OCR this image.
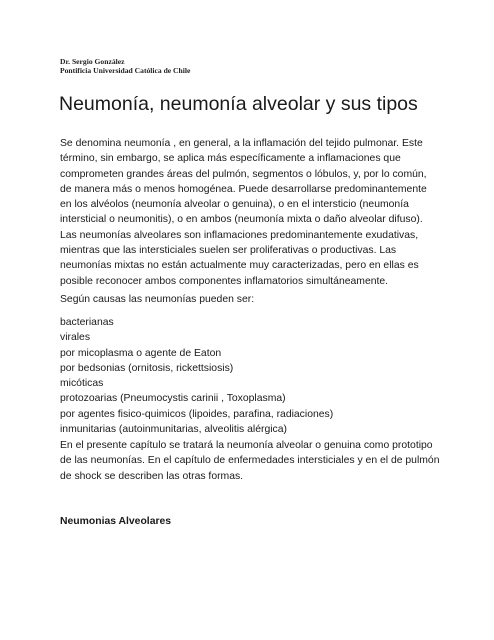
Dr. Sergio González
Pontificia Universidad Católica de Chile
Neumonía, neumonía alveolar y sus tipos
Se denomina neumonía , en general, a la inflamación del tejido pulmonar. Este
término, sin embargo, se aplica más específicamente a inflamaciones que
comprometen grandes áreas del pulmón, segmentos o lóbulos, y, por lo común,
de manera más o menos homogénea. Puede desarrollarse predominantemente
en los alvéolos (neumonía alveolar o genuina), o en el intersticio (neumonía
intersticial o neumonitis), o en ambos (neumonía mixta o daño alveolar difuso).
Las neumonías alveolares son inflamaciones predominantemente exudativas,
mientras que las intersticiales suelen ser proliferativas o productivas. Las
neumonías mixtas no están actualmente muy caracterizadas, pero en ellas es
posible reconocer ambos componentes inflamatorios simultáneamente.
Según causas las neumonías pueden ser:
bacterianas
virales
por micoplasma o agente de Eaton
por bedsonias (ornitosis, rickettsiosis)
micóticas
protozoarias (Pneumocystis carinii , Toxoplasma)
por agentes fisico-quimicos (lipoides, parafina, radiaciones)
inmunitarias (autoinmunitarias, alveolitis alérgica)
En el presente capítulo se tratará la neumonía alveolar o genuina como prototipo
de las neumonías. En el capítulo de enfermedades intersticiales y en el de pulmón
de shock se describen las otras formas.
Neumonias Alveolares
